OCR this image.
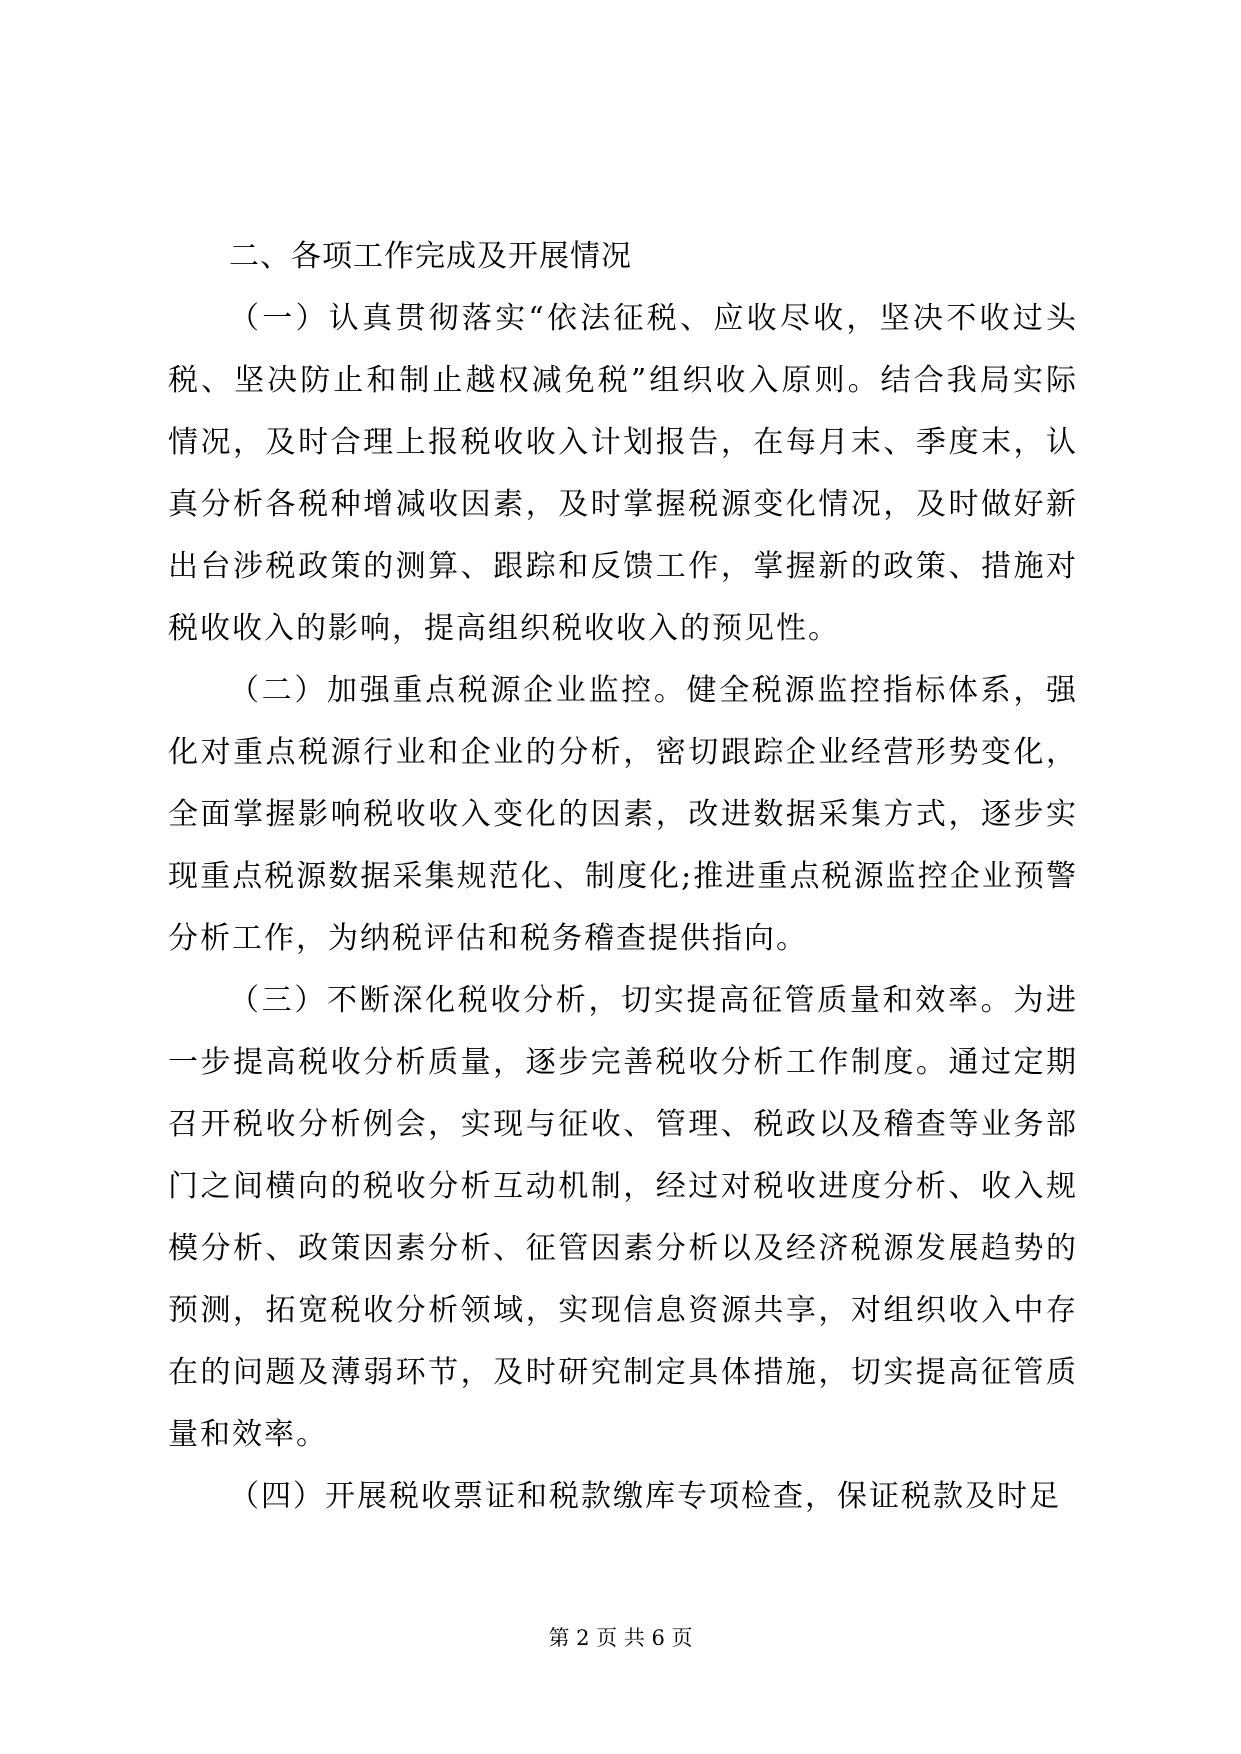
二、各项工作完成及开展情况

（一）认真贯彻落实“依法征税、应收尽收，坚决不收过头税、坚决防止和制止越权减免税”组织收入原则。结合我局实际情况，及时合理上报税收收入计划报告，在每月末、季度末，认真分析各税种增减收因素，及时掌握税源变化情况，及时做好新出台涉税政策的测算、跟踪和反馈工作，掌握新的政策、措施对税收收入的影响，提高组织税收收入的预见性。

（二）加强重点税源企业监控。健全税源监控指标体系，强化对重点税源行业和企业的分析，密切跟踪企业经营形势变化，全面掌握影响税收收入变化的因素，改进数据采集方式，逐步实现重点税源数据采集规范化、制度化;推进重点税源监控企业预警分析工作，为纳税评估和税务稽查提供指向。

（三）不断深化税收分析，切实提高征管质量和效率。为进一步提高税收分析质量，逐步完善税收分析工作制度。通过定期召开税收分析例会，实现与征收、管理、税政以及稽查等业务部门之间横向的税收分析互动机制，经过对税收进度分析、收入规模分析、政策因素分析、征管因素分析以及经济税源发展趋势的预测，拓宽税收分析领域，实现信息资源共享，对组织收入中存在的问题及薄弱环节，及时研究制定具体措施，切实提高征管质量和效率。

（四）开展税收票证和税款缴库专项检查，保证税款及时足

第 2 页 共 6 页
